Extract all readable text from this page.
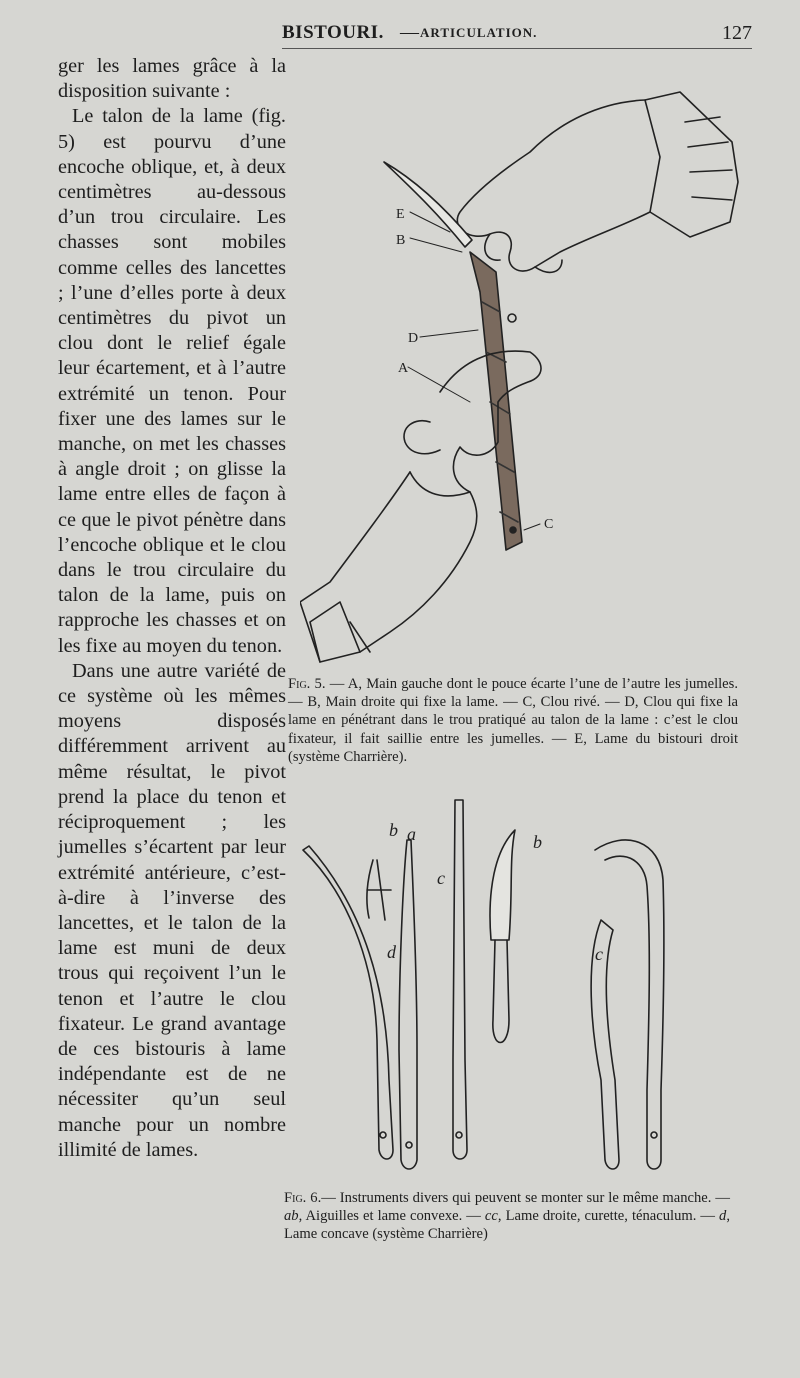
BISTOURI. — ARTICULATION.	127

ger les lames grâce à la disposition suivante :

Le talon de la lame (fig. 5) est pourvu d’une encoche oblique, et, à deux centimètres au-dessous d’un trou circulaire. Les chasses sont mobiles comme celles des lancettes ; l’une d’elles porte à deux centimètres du pivot un clou dont le relief égale leur écartement, et à l’autre extrémité un tenon. Pour fixer une des lames sur le manche, on met les chasses à angle droit ; on glisse la lame entre elles de façon à ce que le pivot pénètre dans l’encoche oblique et le clou dans le trou circulaire du talon de la lame, puis on rapproche les chasses et on les fixe au moyen du tenon.

Dans une autre variété de ce système où les mêmes moyens disposés différemment arrivent au même résultat, le pivot prend la place du tenon et réciproquement ; les jumelles s’écartent par leur extrémité antérieure, c’est-à-dire à l’inverse des lancettes, et le talon de la lame est muni de deux trous qui reçoivent l’un le tenon et l’autre le clou fixateur. Le grand avantage de ces bistouris à lame indépendante est de ne nécessiter qu’un seul manche pour un nombre illimité de lames.

E
B
D
A
C
Fig. 5. — A, Main gauche dont le pouce écarte l’une de l’autre les jumelles. — B, Main droite qui fixe la lame. — C, Clou rivé. — D, Clou qui fixe la lame en pénétrant dans le trou pratiqué au talon de la lame : c’est le clou fixateur, il fait saillie entre les jumelles. — E, Lame du bistouri droit (système Charrière).
b a
d
c
b
c
Fig. 6.— Instruments divers qui peuvent se monter sur le même manche. — ab, Aiguilles et lame convexe. — cc, Lame droite, curette, ténaculum. — d, Lame concave (système Charrière)
